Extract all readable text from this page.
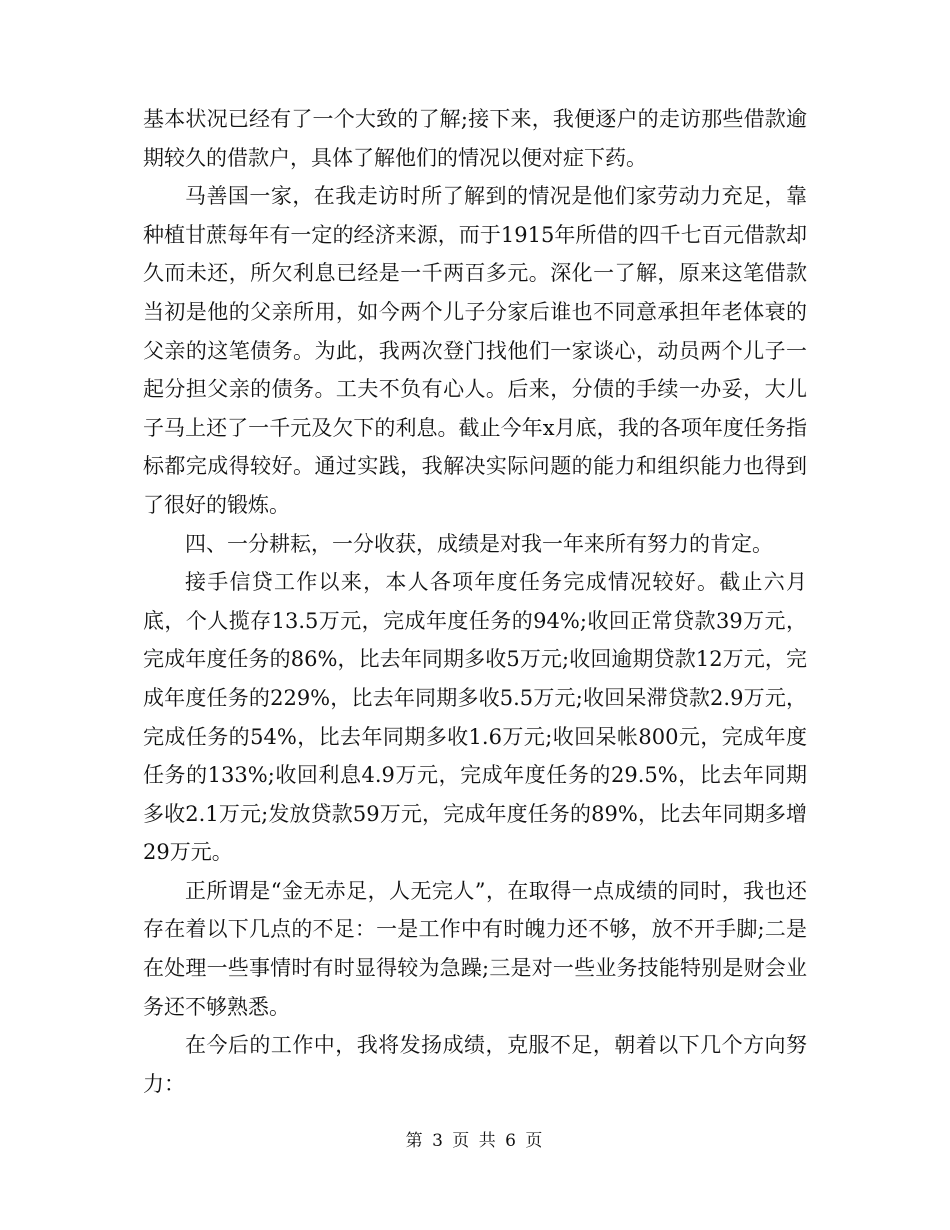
基本状况已经有了一个大致的了解;接下来，我便逐户的走访那些借款逾期较久的借款户，具体了解他们的情况以便对症下药。

马善国一家，在我走访时所了解到的情况是他们家劳动力充足，靠种植甘蔗每年有一定的经济来源，而于1915年所借的四千七百元借款却久而未还，所欠利息已经是一千两百多元。深化一了解，原来这笔借款当初是他的父亲所用，如今两个儿子分家后谁也不同意承担年老体衰的父亲的这笔债务。为此，我两次登门找他们一家谈心，动员两个儿子一起分担父亲的债务。工夫不负有心人。后来，分债的手续一办妥，大儿子马上还了一千元及欠下的利息。截止今年x月底，我的各项年度任务指标都完成得较好。通过实践，我解决实际问题的能力和组织能力也得到了很好的锻炼。

四、一分耕耘，一分收获，成绩是对我一年来所有努力的肯定。

接手信贷工作以来，本人各项年度任务完成情况较好。截止六月底，个人揽存13.5万元，完成年度任务的94%;收回正常贷款39万元，完成年度任务的86%，比去年同期多收5万元;收回逾期贷款12万元，完成年度任务的229%，比去年同期多收5.5万元;收回呆滞贷款2.9万元，完成任务的54%，比去年同期多收1.6万元;收回呆帐800元，完成年度任务的133%;收回利息4.9万元，完成年度任务的29.5%，比去年同期多收2.1万元;发放贷款59万元，完成年度任务的89%，比去年同期多增29万元。

正所谓是“金无赤足，人无完人”，在取得一点成绩的同时，我也还存在着以下几点的不足：一是工作中有时魄力还不够，放不开手脚;二是在处理一些事情时有时显得较为急躁;三是对一些业务技能特别是财会业务还不够熟悉。

在今后的工作中，我将发扬成绩，克服不足，朝着以下几个方向努力：

第 3 页 共 6 页
